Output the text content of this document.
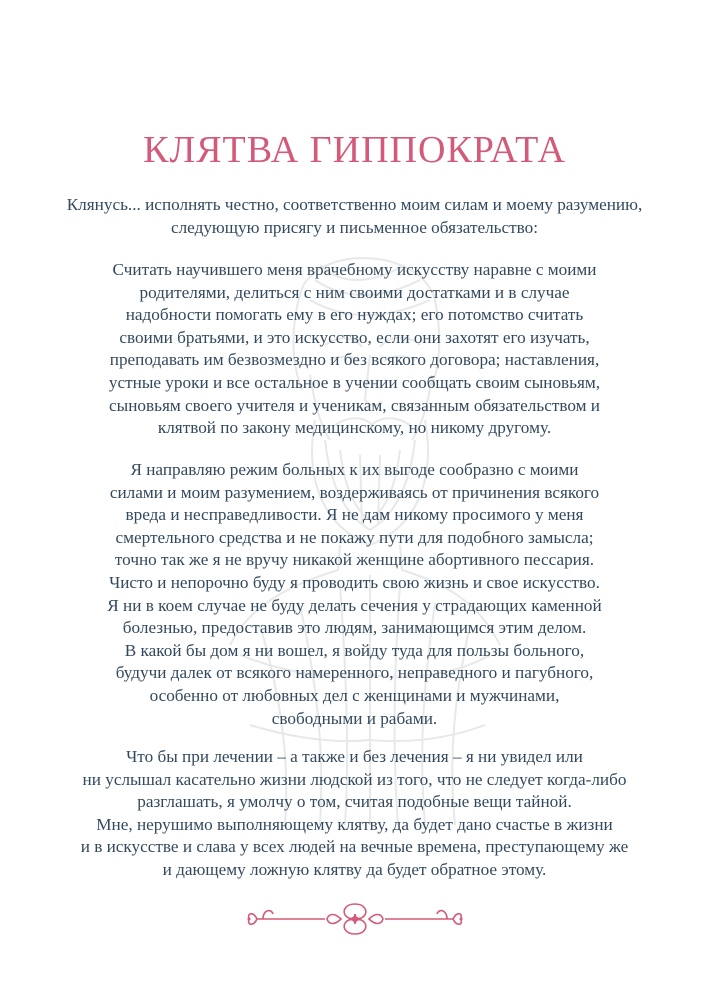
КЛЯТВА ГИППОКРАТА

Клянусь... исполнять честно, соответственно моим силам и моему разумению,
следующую присягу и письменное обязательство:

Считать научившего меня врачебному искусству наравне с моими
родителями, делиться с ним своими достатками и в случае
надобности помогать ему в его нуждах; его потомство считать
своими братьями, и это искусство, если они захотят его изучать,
преподавать им безвозмездно и без всякого договора; наставления,
устные уроки и все остальное в учении сообщать своим сыновьям,
сыновьям своего учителя и ученикам, связанным обязательством и
клятвой по закону медицинскому, но никому другому.

Я направляю режим больных к их выгоде сообразно с моими
силами и моим разумением, воздерживаясь от причинения всякого
вреда и несправедливости. Я не дам никому просимого у меня
смертельного средства и не покажу пути для подобного замысла;
точно так же я не вручу никакой женщине абортивного пессария.
Чисто и непорочно буду я проводить свою жизнь и свое искусство.
Я ни в коем случае не буду делать сечения у страдающих каменной
болезнью, предоставив это людям, занимающимся этим делом.
В какой бы дом я ни вошел, я войду туда для пользы больного,
будучи далек от всякого намеренного, неправедного и пагубного,
особенно от любовных дел с женщинами и мужчинами,
свободными и рабами.

Что бы при лечении – а также и без лечения – я ни увидел или
ни услышал касательно жизни людской из того, что не следует когда-либо
разглашать, я умолчу о том, считая подобные вещи тайной.
Мне, нерушимо выполняющему клятву, да будет дано счастье в жизни
и в искусстве и слава у всех людей на вечные времена, преступающему же
и дающему ложную клятву да будет обратное этому.
